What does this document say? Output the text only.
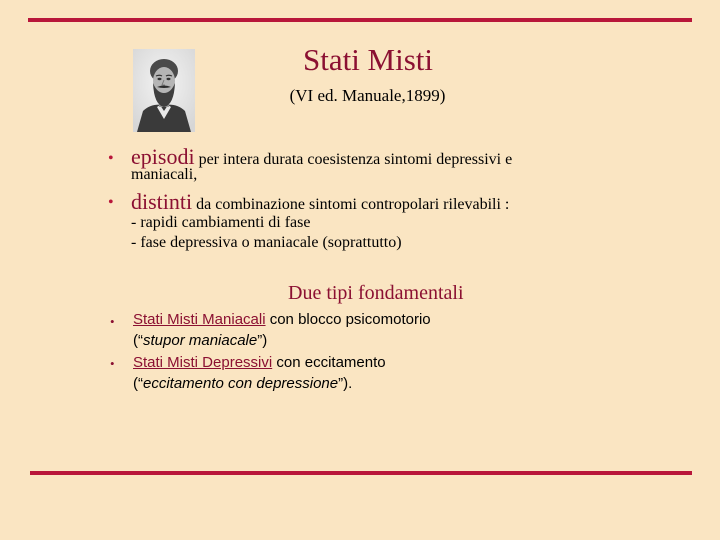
Stati Misti
(VI ed. Manuale,1899)
• episodi per intera durata coesistenza sintomi depressivi e
maniacali,
• distinti da combinazione sintomi contropolari rilevabili :
- rapidi cambiamenti di fase
- fase depressiva o maniacale (soprattutto)
Due tipi fondamentali
• Stati Misti Maniacali con blocco psicomotorio
(“stupor maniacale”)
• Stati Misti Depressivi con eccitamento
(“eccitamento con depressione”).
